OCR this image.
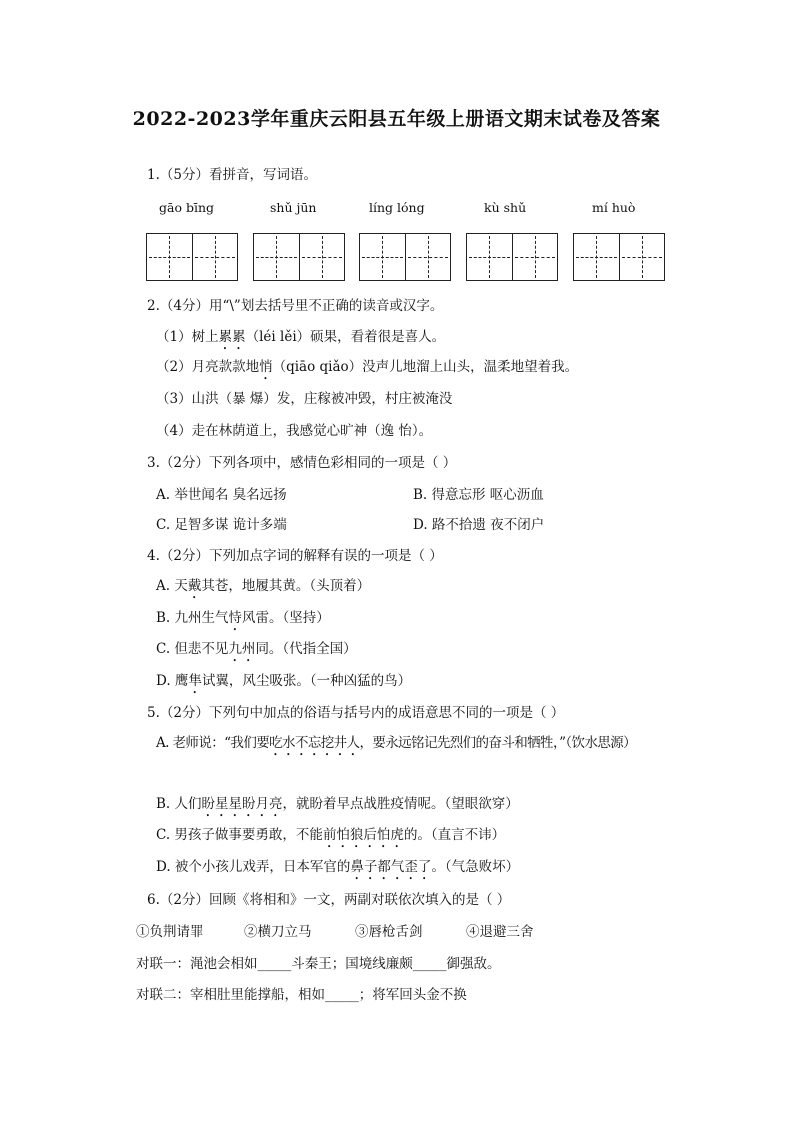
2022-2023学年重庆云阳县五年级上册语文期末试卷及答案
1.（5分）看拼音，写词语。
gāo bīng	shǔ jūn	líng lóng	kù shǔ	mí huò
2.（4分）用“\”划去括号里不正确的读音或汉字。
（1）树上累累（léi lěi）硕果，看着很是喜人。
（2）月亮款款地悄（qiāo qiǎo）没声儿地溜上山头，温柔地望着我。
（3）山洪（暴 爆）发，庄稼被冲毁，村庄被淹没
（4）走在林荫道上，我感觉心旷神（逸 怡）。
3.（2分）下列各项中，感情色彩相同的一项是（ ）
A. 举世闻名 臭名远扬	B. 得意忘形 呕心沥血
C. 足智多谋 诡计多端	D. 路不拾遗 夜不闭户
4.（2分）下列加点字词的解释有误的一项是（ ）
A. 天戴其苍，地履其黄。（头顶着）
B. 九州生气恃风雷。（坚持）
C. 但悲不见九州同。（代指全国）
D. 鹰隼试翼，风尘吸张。（一种凶猛的鸟）
5.（2分）下列句中加点的俗语与括号内的成语意思不同的一项是（ ）
A. 老师说：“我们要吃水不忘挖井人，要永远铭记先烈们的奋斗和牺牲，”（饮水思源）
B. 人们盼星星盼月亮，就盼着早点战胜疫情呢。（望眼欲穿）
C. 男孩子做事要勇敢，不能前怕狼后怕虎的。（直言不讳）
D. 被个小孩儿戏弄，日本军官的鼻子都气歪了。（气急败坏）
6.（2分）回顾《将相和》一文，两副对联依次填入的是（ ）
①负荆请罪	②横刀立马	③唇枪舌剑	④退避三舍
对联一：渑池会相如_____斗秦王；国境线廉颇_____御强敌。
对联二：宰相肚里能撑船，相如_____；将军回头金不换
